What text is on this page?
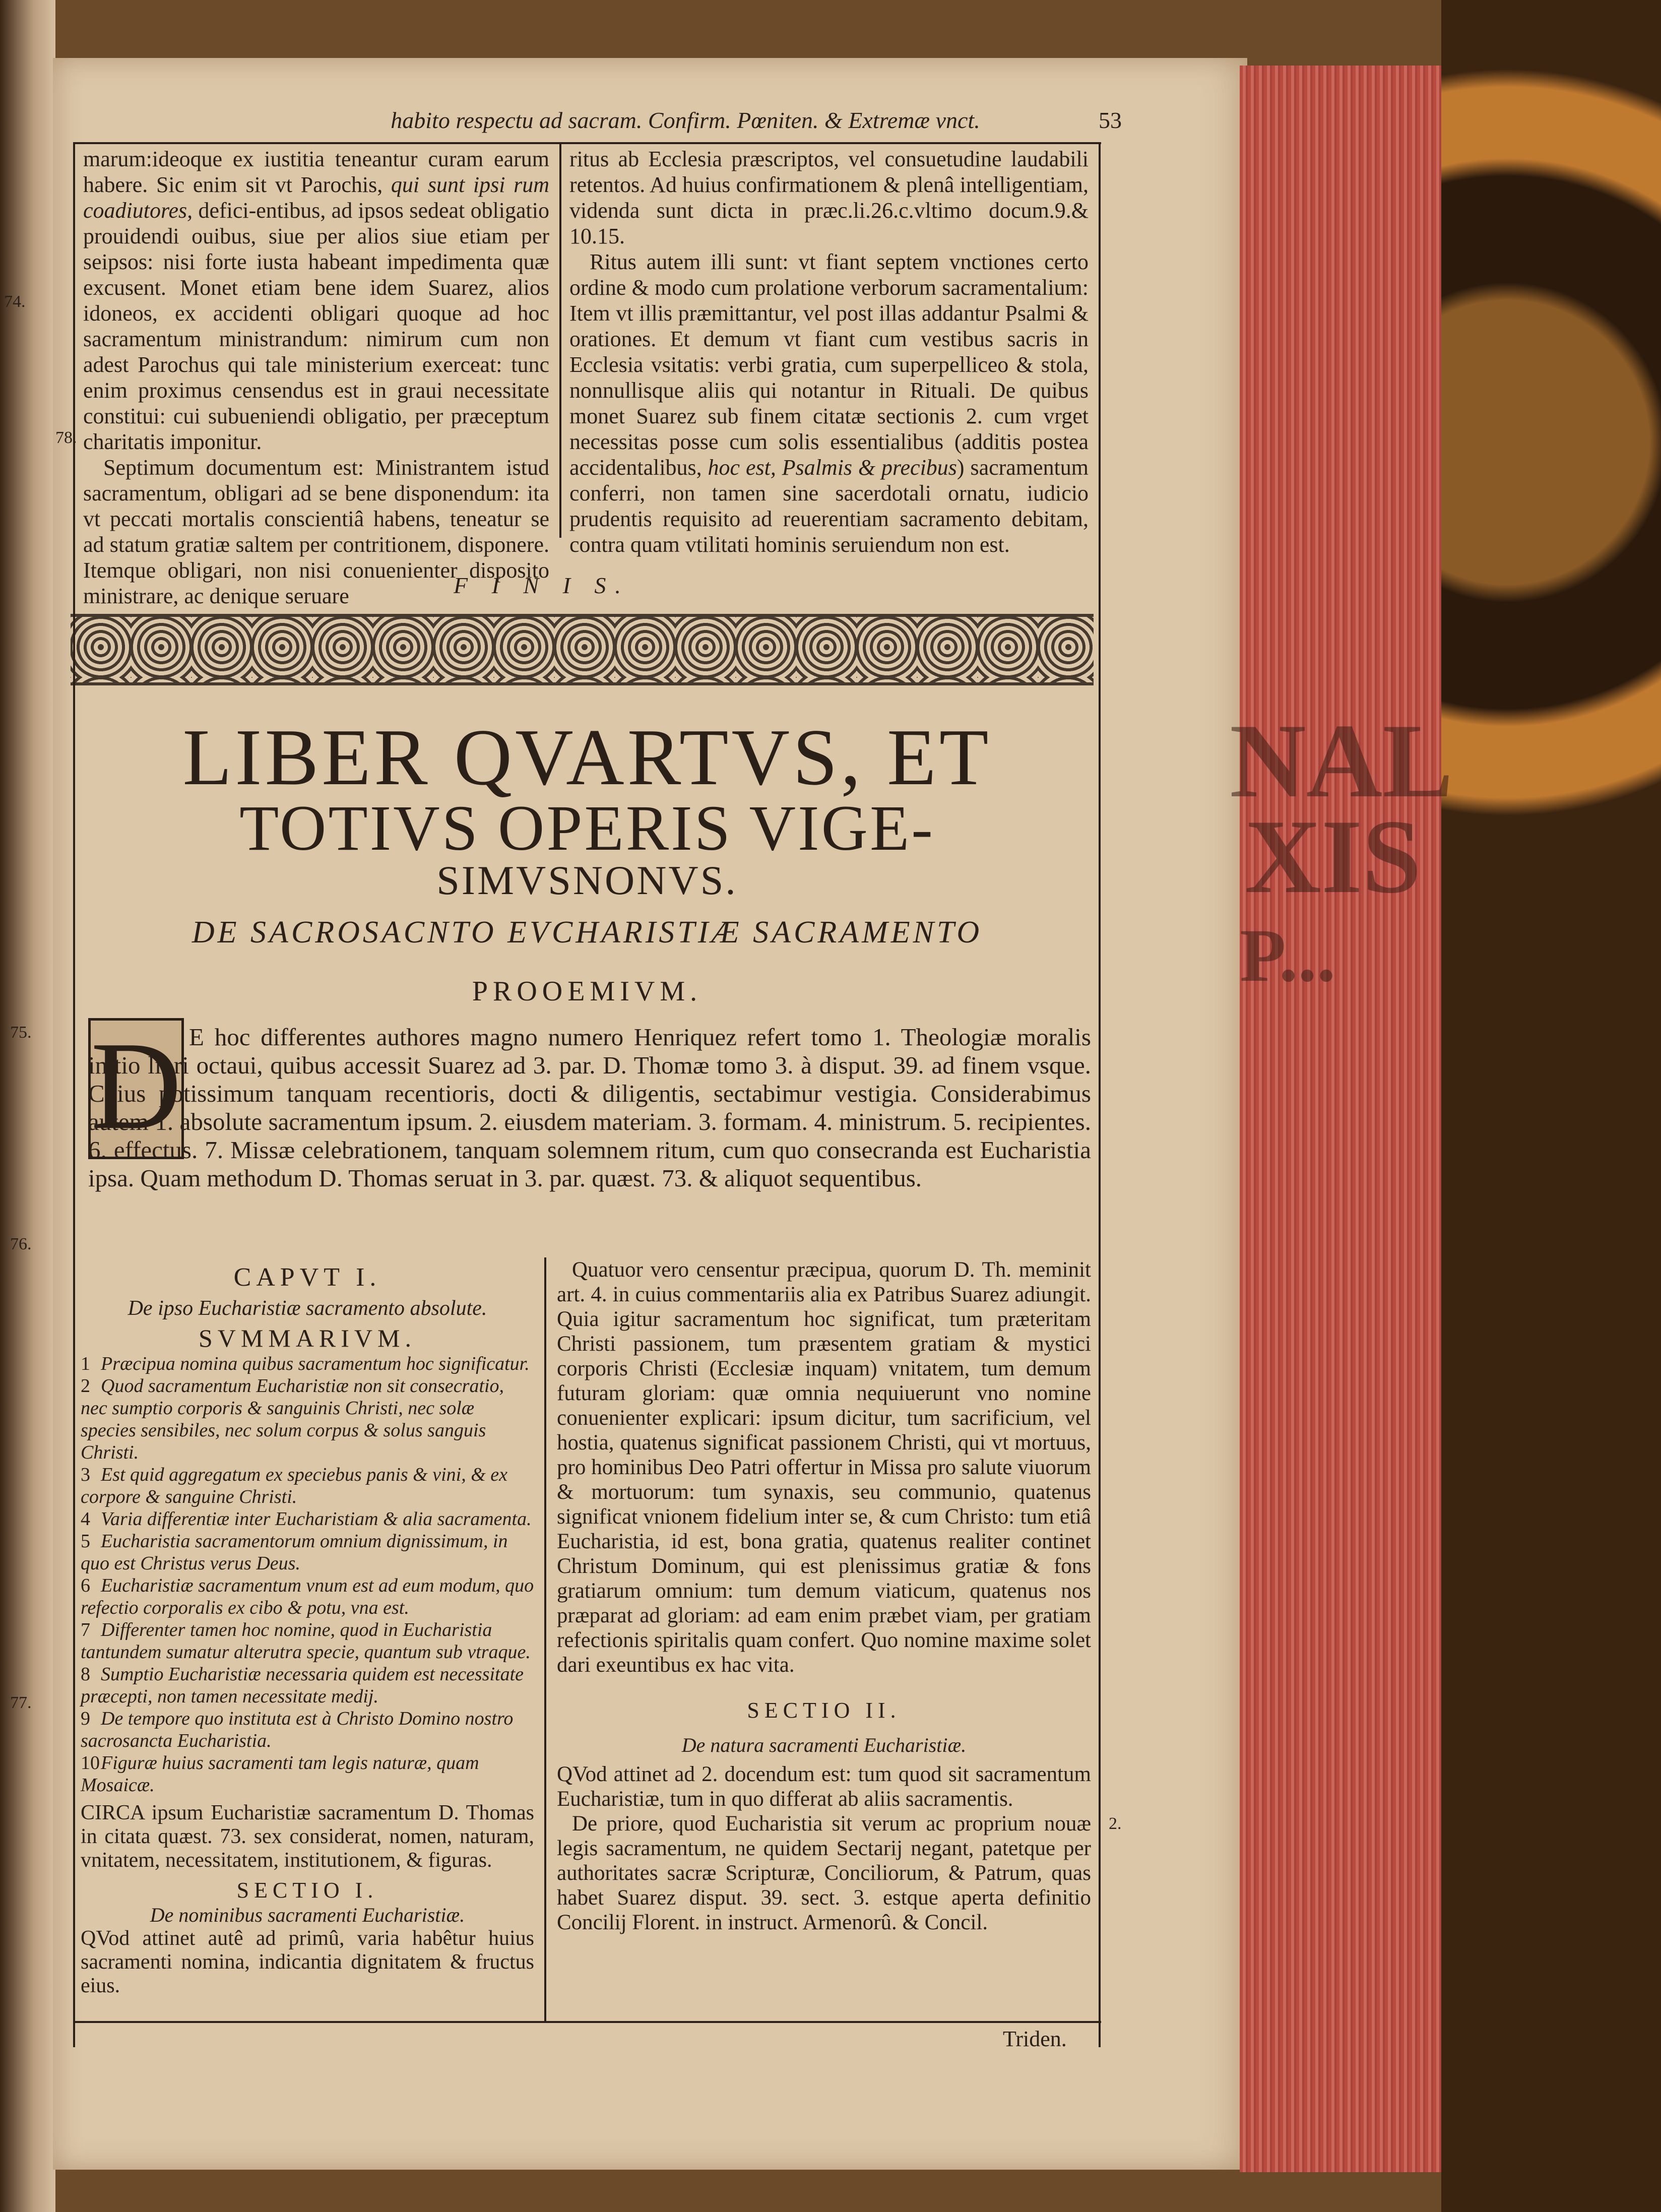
NAL
XIS
P...
habito respectu ad sacram. Confirm. Pœniten. & Extremæ vnct.	53
74.
78.
75.
76.
77.
marum:ideoque ex iustitia teneantur curam earum habere. Sic enim sit vt Parochis, qui sunt ipsi rum coadiutores, defici-entibus, ad ipsos sedeat obligatio prouidendi ouibus, siue per alios siue etiam per seipsos: nisi forte iusta habeant impedimenta quæ excusent. Monet etiam bene idem Suarez, alios idoneos, ex accidenti obligari quoque ad hoc sacramentum ministrandum: nimirum cum non adest Parochus qui tale ministerium exerceat: tunc enim proximus censendus est in graui necessitate constitui: cui subueniendi obligatio, per præceptum charitatis imponitur.
Septimum documentum est: Ministrantem istud sacramentum, obligari ad se bene disponendum: ita vt peccati mortalis conscientiâ habens, teneatur se ad statum gratiæ saltem per contritionem, disponere. Itemque obligari, non nisi conuenienter disposito ministrare, ac denique seruare
ritus ab Ecclesia præscriptos, vel consuetudine laudabili retentos. Ad huius confirmationem & plenâ intelligentiam, videnda sunt dicta in præc.li.26.c.vltimo docum.9.& 10.15.
Ritus autem illi sunt: vt fiant septem vnctiones certo ordine & modo cum prolatione verborum sacramentalium: Item vt illis præmittantur, vel post illas addantur Psalmi & orationes. Et demum vt fiant cum vestibus sacris in Ecclesia vsitatis: verbi gratia, cum superpelliceo & stola, nonnullisque aliis qui notantur in Rituali. De quibus monet Suarez sub finem citatæ sectionis 2. cum vrget necessitas posse cum solis essentialibus (additis postea accidentalibus, hoc est, Psalmis & precibus) sacramentum conferri, non tamen sine sacerdotali ornatu, iudicio prudentis requisito ad reuerentiam sacramento debitam, contra quam vtilitati hominis seruiendum non est.
F I N I S.
LIBER QVARTVS, ET
TOTIVS OPERIS VIGE-
SIMVSNONVS.
DE SACROSACNTO EVCHARISTIÆ SACRAMENTO
PROOEMIVM.
D E hoc differentes authores magno numero Henriquez refert tomo 1. Theologiæ moralis initio libri octaui, quibus accessit Suarez ad 3. par. D. Thomæ tomo 3. à disput. 39. ad finem vsque. Cuius potissimum tanquam recentioris, docti & diligentis, sectabimur vestigia. Considerabimus autem 1. absolute sacramentum ipsum. 2. eiusdem materiam. 3. formam. 4. ministrum. 5. recipientes. 6. effectus. 7. Missæ celebrationem, tanquam solemnem ritum, cum quo consecranda est Eucharistia ipsa. Quam methodum D. Thomas seruat in 3. par. quæst. 73. & aliquot sequentibus.
CAPVT I.
De ipso Eucharistiæ sacramento absolute.
SVMMARIVM.
1 Præcipua nomina quibus sacramentum hoc significatur.
2 Quod sacramentum Eucharistiæ non sit consecratio, nec sumptio corporis & sanguinis Christi, nec solæ species sensibiles, nec solum corpus & solus sanguis Christi.
3 Est quid aggregatum ex speciebus panis & vini, & ex corpore & sanguine Christi.
4 Varia differentiæ inter Eucharistiam & alia sacramenta.
5 Eucharistia sacramentorum omnium dignissimum, in quo est Christus verus Deus.
6 Eucharistiæ sacramentum vnum est ad eum modum, quo refectio corporalis ex cibo & potu, vna est.
7 Differenter tamen hoc nomine, quod in Eucharistia tantundem sumatur alterutra specie, quantum sub vtraque.
8 Sumptio Eucharistiæ necessaria quidem est necessitate præcepti, non tamen necessitate medij.
9 De tempore quo instituta est à Christo Domino nostro sacrosancta Eucharistia.
10Figuræ huius sacramenti tam legis naturæ, quam Mosaicæ.
CIRCA ipsum Eucharistiæ sacramentum D. Thomas in citata quæst. 73. sex considerat, nomen, naturam, vnitatem, necessitatem, institutionem, & figuras.
SECTIO I.
De nominibus sacramenti Eucharistiæ.
QVod attinet autê ad primû, varia habêtur huius sacramenti nomina, indicantia dignitatem & fructus eius.
Quatuor vero censentur præcipua, quorum D. Th. meminit art. 4. in cuius commentariis alia ex Patribus Suarez adiungit. Quia igitur sacramentum hoc significat, tum præteritam Christi passionem, tum præsentem gratiam & mystici corporis Christi (Ecclesiæ inquam) vnitatem, tum demum futuram gloriam: quæ omnia nequiuerunt vno nomine conuenienter explicari: ipsum dicitur, tum sacrificium, vel hostia, quatenus significat passionem Christi, qui vt mortuus, pro hominibus Deo Patri offertur in Missa pro salute viuorum & mortuorum: tum synaxis, seu communio, quatenus significat vnionem fidelium inter se, & cum Christo: tum etiâ Eucharistia, id est, bona gratia, quatenus realiter continet Christum Dominum, qui est plenissimus gratiæ & fons gratiarum omnium: tum demum viaticum, quatenus nos præparat ad gloriam: ad eam enim præbet viam, per gratiam refectionis spiritalis quam confert. Quo nomine maxime solet dari exeuntibus ex hac vita.
SECTIO II.
De natura sacramenti Eucharistiæ.
QVod attinet ad 2. docendum est: tum quod sit sacramentum Eucharistiæ, tum in quo differat ab aliis sacramentis.
De priore, quod Eucharistia sit verum ac proprium nouæ legis sacramentum, ne quidem Sectarij negant, patetque per authoritates sacræ Scripturæ, Conciliorum, & Patrum, quas habet Suarez disput. 39. sect. 3. estque aperta definitio Concilij Florent. in instruct. Armenorû. & Concil.
2.
Triden.
